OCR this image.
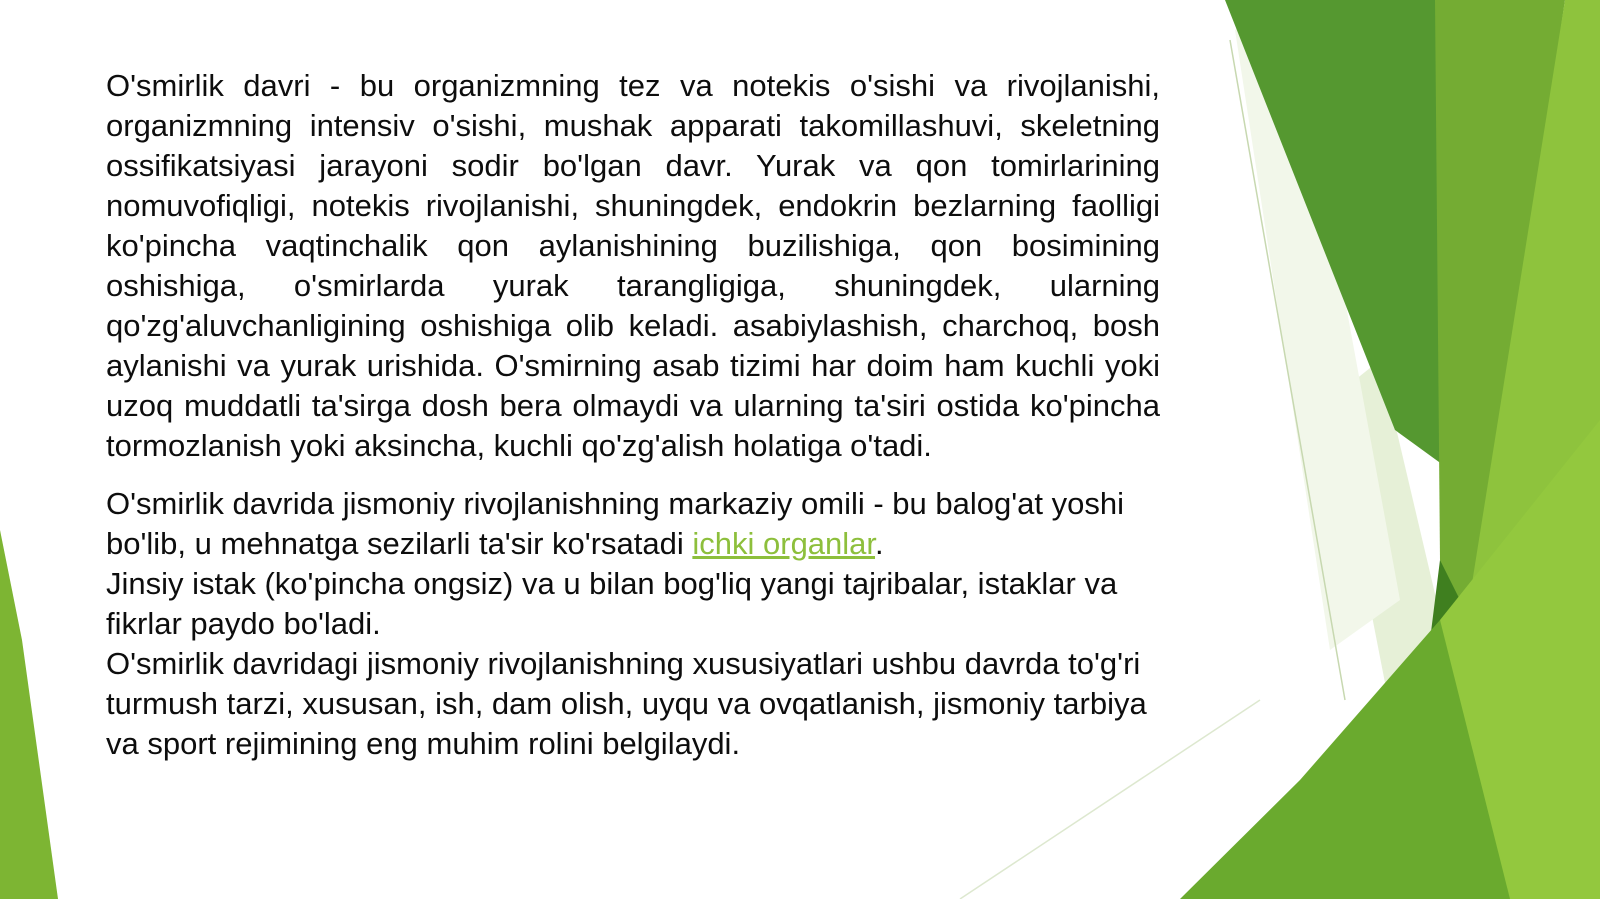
O'smirlik davri - bu organizmning tez va notekis o'sishi va rivojlanishi, organizmning intensiv o'sishi, mushak apparati takomillashuvi, skeletning ossifikatsiyasi jarayoni sodir bo'lgan davr. Yurak va qon tomirlarining nomuvofiqligi, notekis rivojlanishi, shuningdek, endokrin bezlarning faolligi ko'pincha vaqtinchalik qon aylanishining buzilishiga, qon bosimining oshishiga, o'smirlarda yurak tarangligiga, shuningdek, ularning qo'zg'aluvchanligining oshishiga olib keladi. asabiylashish, charchoq, bosh aylanishi va yurak urishida. O'smirning asab tizimi har doim ham kuchli yoki uzoq muddatli ta'sirga dosh bera olmaydi va ularning ta'siri ostida ko'pincha tormozlanish yoki aksincha, kuchli qo'zg'alish holatiga o'tadi.

O'smirlik davrida jismoniy rivojlanishning markaziy omili - bu balog'at yoshi bo'lib, u mehnatga sezilarli ta'sir ko'rsatadi ichki organlar.
Jinsiy istak (ko'pincha ongsiz) va u bilan bog'liq yangi tajribalar, istaklar va fikrlar paydo bo'ladi.
O'smirlik davridagi jismoniy rivojlanishning xususiyatlari ushbu davrda to'g'ri turmush tarzi, xususan, ish, dam olish, uyqu va ovqatlanish, jismoniy tarbiya va sport rejimining eng muhim rolini belgilaydi.
